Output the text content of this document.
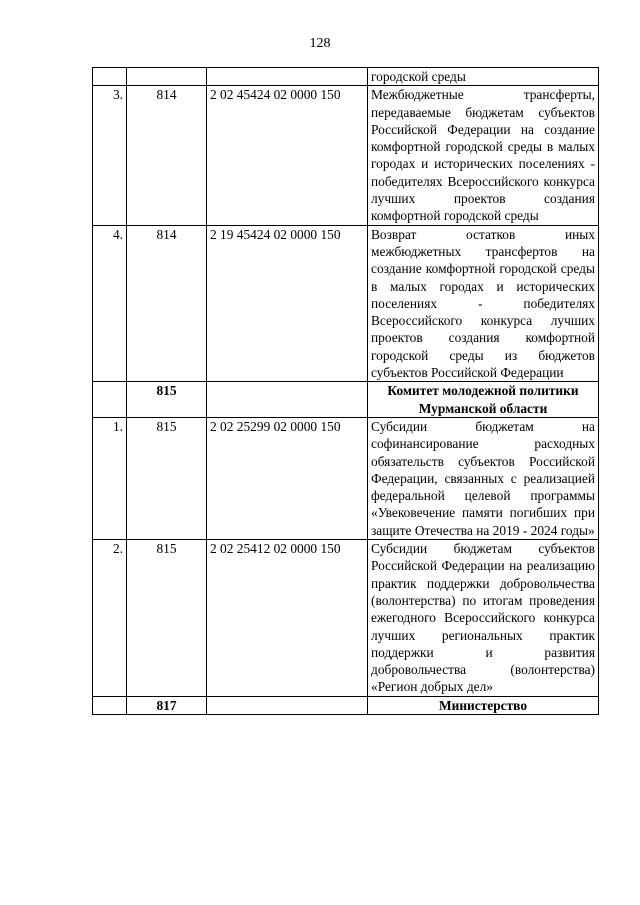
128
			городской среды
3.	814	2 02 45424 02 0000 150	Межбюджетные трансферты, передаваемые бюджетам субъектов Российской Федерации на создание комфортной городской среды в малых городах и исторических поселениях - победителях Всероссийского конкурса лучших проектов создания комфортной городской среды
4.	814	2 19 45424 02 0000 150	Возврат остатков иных межбюджетных трансфертов на создание комфортной городской среды в малых городах и исторических поселениях - победителях Всероссийского конкурса лучших проектов создания комфортной городской среды из бюджетов субъектов Российской Федерации
	815		Комитет молодежной политики Мурманской области
1.	815	2 02 25299 02 0000 150	Субсидии бюджетам на софинансирование расходных обязательств субъектов Российской Федерации, связанных с реализацией федеральной целевой программы «Увековечение памяти погибших при защите Отечества на 2019 - 2024 годы»
2.	815	2 02 25412 02 0000 150	Субсидии бюджетам субъектов Российской Федерации на реализацию практик поддержки добровольчества (волонтерства) по итогам проведения ежегодного Всероссийского конкурса лучших региональных практик поддержки и развития добровольчества (волонтерства) «Регион добрых дел»
	817		Министерство
